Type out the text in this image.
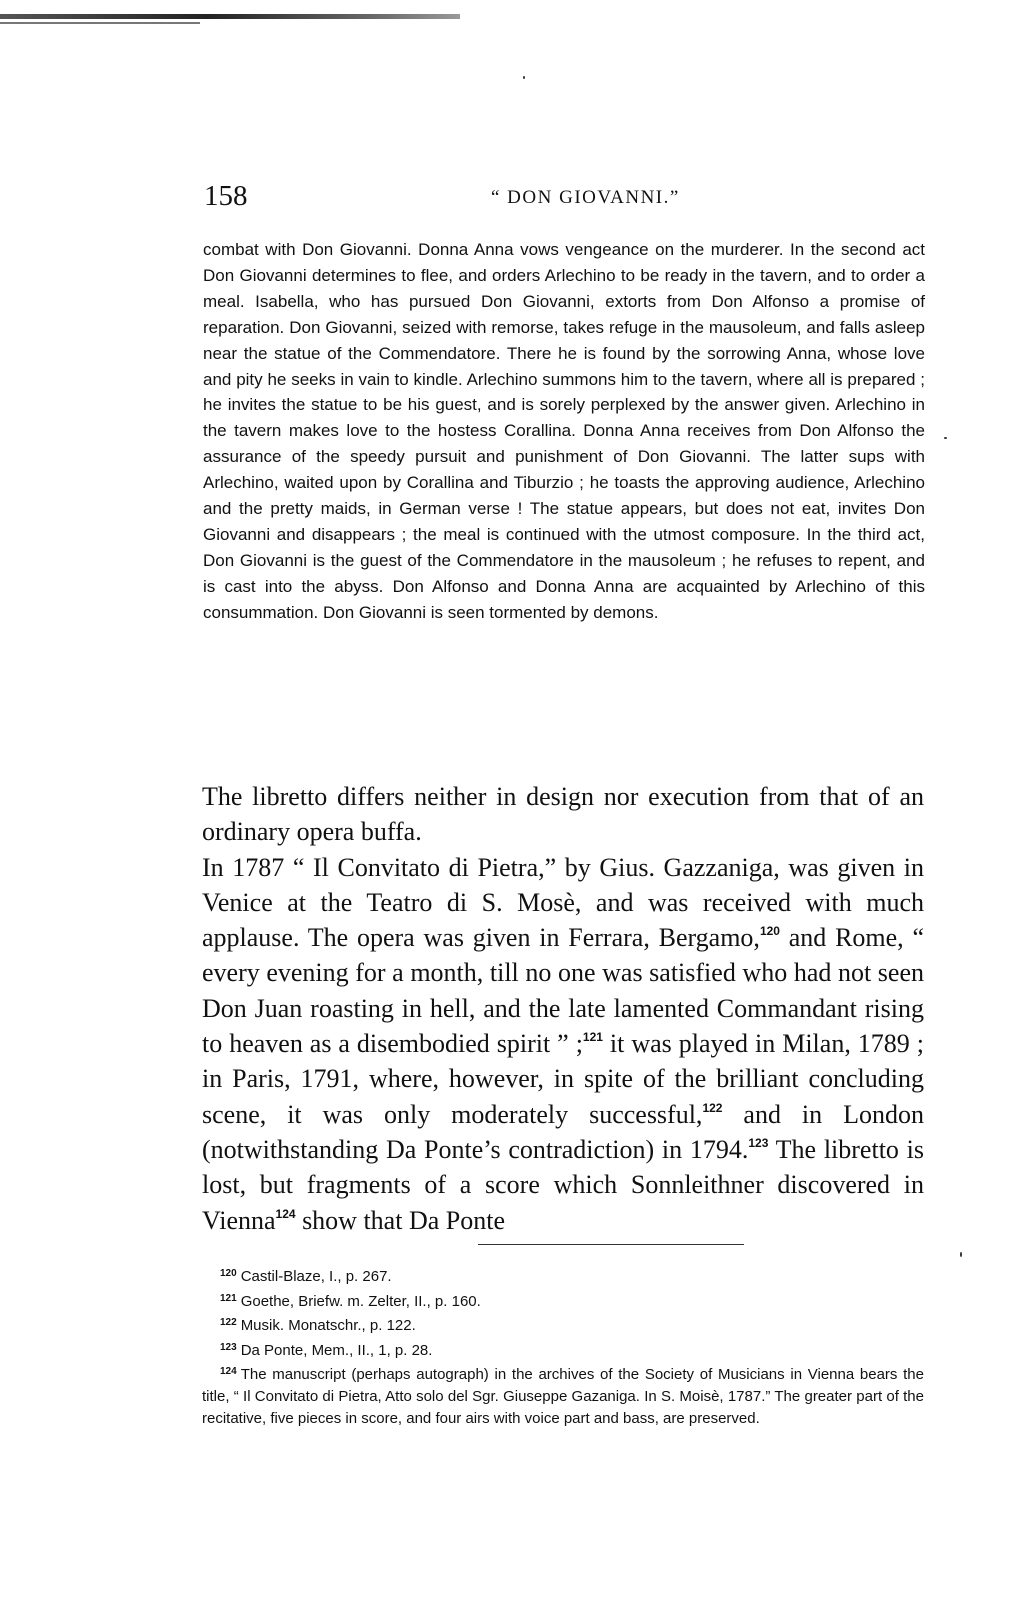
158	“ DON GIOVANNI.”

combat with Don Giovanni. Donna Anna vows vengeance on the murderer. In the second act Don Giovanni determines to flee, and orders Arlechino to be ready in the tavern, and to order a meal. Isabella, who has pursued Don Giovanni, extorts from Don Alfonso a promise of reparation. Don Giovanni, seized with remorse, takes refuge in the mausoleum, and falls asleep near the statue of the Commendatore. There he is found by the sorrowing Anna, whose love and pity he seeks in vain to kindle. Arlechino summons him to the tavern, where all is prepared ; he invites the statue to be his guest, and is sorely perplexed by the answer given. Arlechino in the tavern makes love to the hostess Corallina. Donna Anna receives from Don Alfonso the assurance of the speedy pursuit and punishment of Don Giovanni. The latter sups with Arlechino, waited upon by Corallina and Tiburzio ; he toasts the approving audience, Arlechino and the pretty maids, in German verse ! The statue appears, but does not eat, invites Don Giovanni and disappears ; the meal is continued with the utmost composure. In the third act, Don Giovanni is the guest of the Commendatore in the mausoleum ; he refuses to repent, and is cast into the abyss. Don Alfonso and Donna Anna are acquainted by Arlechino of this consummation. Don Giovanni is seen tormented by demons.

The libretto differs neither in design nor execution from that of an ordinary opera buffa.

In 1787 “ Il Convitato di Pietra,” by Gius. Gazzaniga, was given in Venice at the Teatro di S. Mosè, and was received with much applause. The opera was given in Ferrara, Bergamo,$^{120}$ and Rome, “ every evening for a month, till no one was satisfied who had not seen Don Juan roasting in hell, and the late lamented Commandant rising to heaven as a disembodied spirit ” ;$^{121}$ it was played in Milan, 1789 ; in Paris, 1791, where, however, in spite of the brilliant concluding scene, it was only moderately successful,$^{122}$ and in London (notwithstanding Da Ponte’s contradiction) in 1794.$^{123}$ The libretto is lost, but fragments of a score which Sonnleithner discovered in Vienna$^{124}$ show that Da Ponte

$^{120}$ Castil-Blaze, I., p. 267.
$^{121}$ Goethe, Briefw. m. Zelter, II., p. 160.
$^{122}$ Musik. Monatschr., p. 122.
$^{123}$ Da Ponte, Mem., II., 1, p. 28.
$^{124}$ The manuscript (perhaps autograph) in the archives of the Society of Musicians in Vienna bears the title, “ Il Convitato di Pietra, Atto solo del Sgr. Giuseppe Gazaniga. In S. Moisè, 1787.” The greater part of the recitative, five pieces in score, and four airs with voice part and bass, are preserved.
